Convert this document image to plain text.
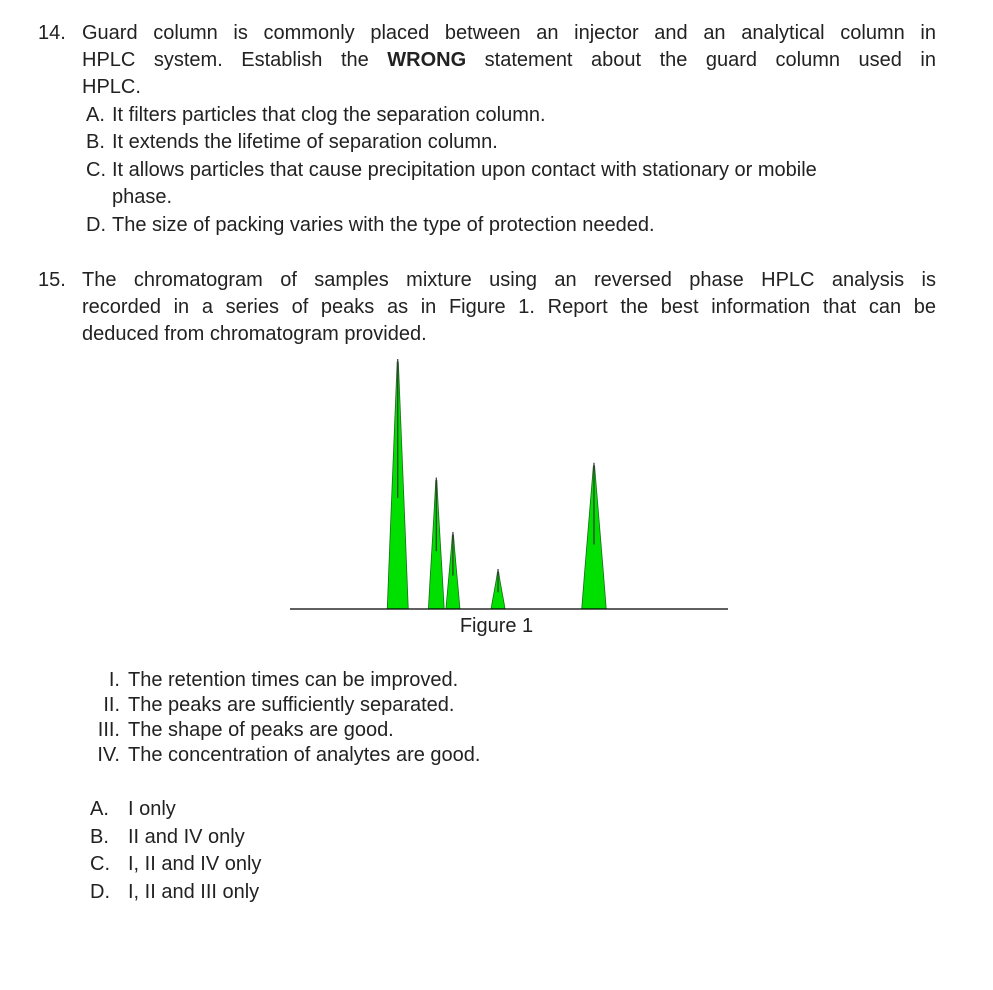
14. Guard column is commonly placed between an injector and an analytical column in
HPLC system. Establish the WRONG statement about the guard column used in
HPLC.
A. It filters particles that clog the separation column.
B. It extends the lifetime of separation column.
C. It allows particles that cause precipitation upon contact with stationary or mobile
phase.
D. The size of packing varies with the type of protection needed.
15. The chromatogram of samples mixture using an reversed phase HPLC analysis is
recorded in a series of peaks as in Figure 1. Report the best information that can be
deduced from chromatogram provided.
Figure 1
I. The retention times can be improved.
II. The peaks are sufficiently separated.
III. The shape of peaks are good.
IV. The concentration of analytes are good.
A. I only
B. II and IV only
C. I, II and IV only
D. I, II and III only
